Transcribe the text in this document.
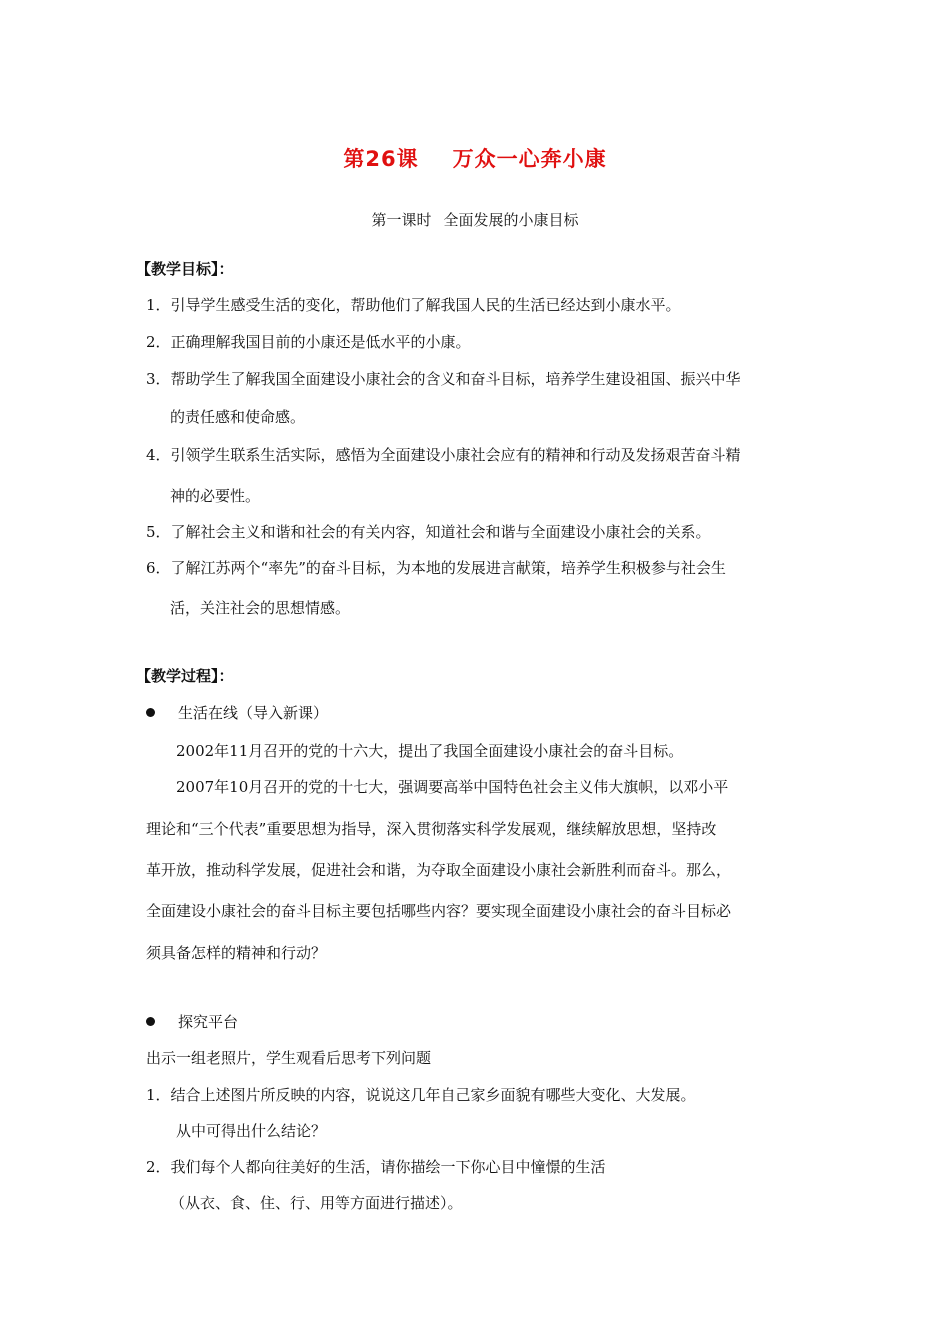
第26课 万众一心奔小康
第一课时 全面发展的小康目标
【教学目标】：
1．引导学生感受生活的变化，帮助他们了解我国人民的生活已经达到小康水平。
2．正确理解我国目前的小康还是低水平的小康。
3．帮助学生了解我国全面建设小康社会的含义和奋斗目标，培养学生建设祖国、振兴中华
的责任感和使命感。
4．引领学生联系生活实际，感悟为全面建设小康社会应有的精神和行动及发扬艰苦奋斗精
神的必要性。
5．了解社会主义和谐和社会的有关内容，知道社会和谐与全面建设小康社会的关系。
6．了解江苏两个“率先”的奋斗目标，为本地的发展进言献策，培养学生积极参与社会生
活，关注社会的思想情感。
【教学过程】：
生活在线（导入新课）
2002年11月召开的党的十六大，提出了我国全面建设小康社会的奋斗目标。
2007年10月召开的党的十七大，强调要高举中国特色社会主义伟大旗帜，以邓小平
理论和“三个代表”重要思想为指导，深入贯彻落实科学发展观，继续解放思想，坚持改
革开放，推动科学发展，促进社会和谐，为夺取全面建设小康社会新胜利而奋斗。那么，
全面建设小康社会的奋斗目标主要包括哪些内容？要实现全面建设小康社会的奋斗目标必
须具备怎样的精神和行动？
探究平台
出示一组老照片，学生观看后思考下列问题
1．结合上述图片所反映的内容，说说这几年自己家乡面貌有哪些大变化、大发展。
从中可得出什么结论？
2．我们每个人都向往美好的生活，请你描绘一下你心目中憧憬的生活
（从衣、食、住、行、用等方面进行描述）。
